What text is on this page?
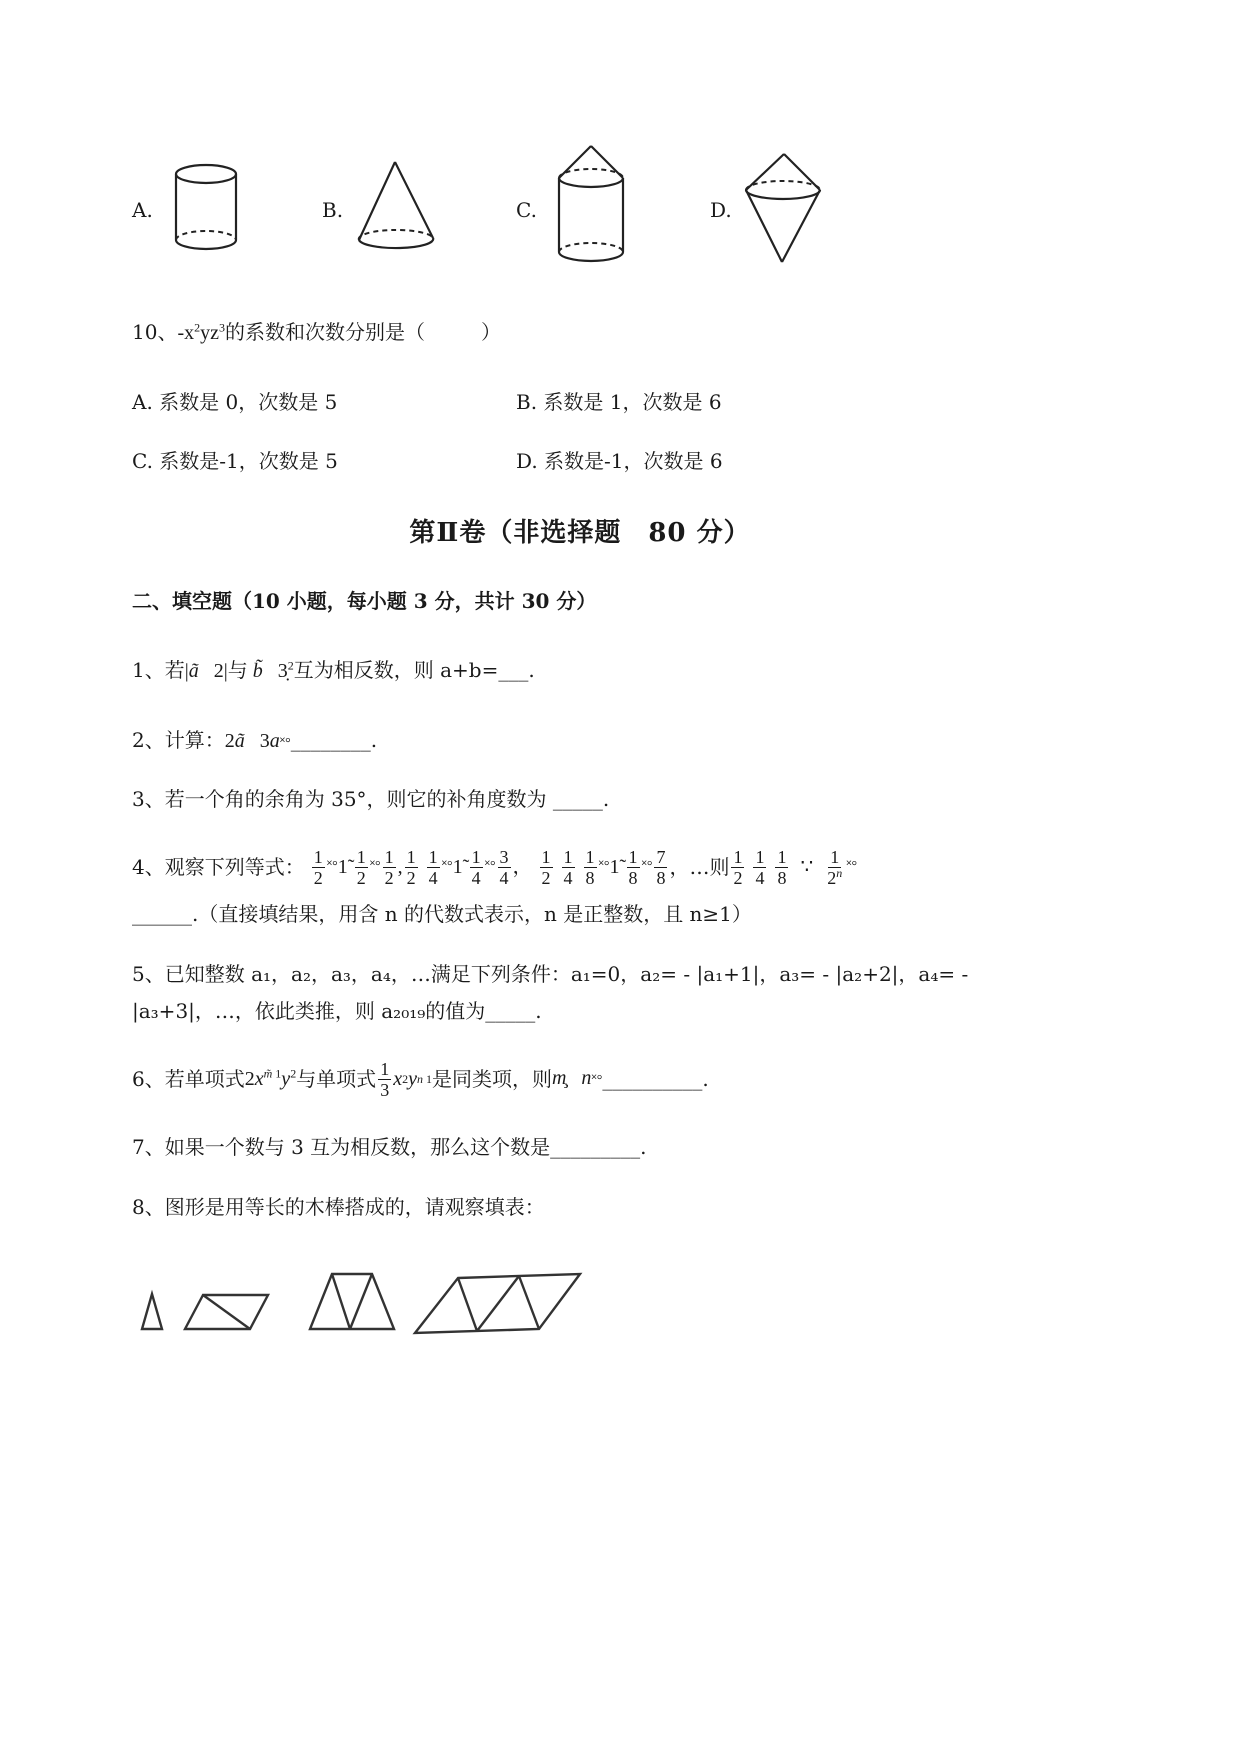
A.	B.	C.	D.
10、$-x^2yz^3$的系数和次数分别是（	）
A. 系数是 0，次数是 5	B. 系数是 1，次数是 6
C. 系数是-1，次数是 5	D. 系数是-1，次数是 6
第Ⅱ卷（非选择题　80 分）
二、填空题（10 小题，每小题 3 分，共计 30 分）
1、若|ã   2|与 b̃   3̣$^2$互为相反数，则 a+b=___.
2、计算：2ã   3a˟°________.
3、若一个角的余角为 35°，则它的补角度数为 _____.
4、 观察下列等式：
$\frac{1}{2}$ ˟° 1̃ $\frac{1}{2}$ ˟° $\frac{1}{2}$ , $\frac{1}{2}$
$\frac{1}{4}$ ˟° 1̃ $\frac{1}{4}$ ˟° $\frac{3}{4}$ ， $\frac{1}{2}$
$\frac{1}{4}$
$\frac{1}{8}$ ˟° 1̃ $\frac{1}{8}$ ˟° $\frac{7}{8}$ ，…则 $\frac{1}{2}$
$\frac{1}{4}$
$\frac{1}{8}$ ∵ $\frac{1}{2^n}$ ˟°
______.（直接填结果，用含 n 的代数式表示，n 是正整数，且 n≥1）
5、已知整数 a₁，a₂，a₃，a₄，…满足下列条件：a₁=0，a₂= - |a₁+1|，a₃= - |a₂+2|，a₄= -
|a₃+3|，…，依此类推，则 a₂₀₁₉的值为_____.
6、 若单项式 $2x^{m̃ 1}y^2$ 与单项式 $\frac{1}{3}$ x 2 y n 1 是同类项，则 m̧ n˟° __________.
7、如果一个数与 3 互为相反数，那么这个数是_________.
8、图形是用等长的木棒搭成的，请观察填表：
